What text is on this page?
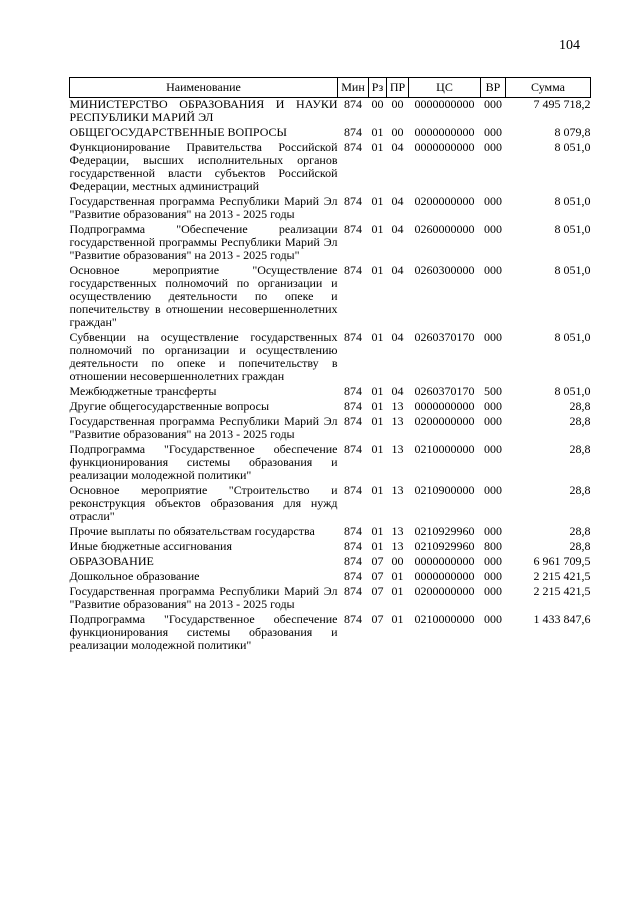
104
Наименование	Мин	Рз	ПР	ЦС	ВР	Сумма
МИНИСТЕРСТВО ОБРАЗОВАНИЯ И НАУКИ РЕСПУБЛИКИ МАРИЙ ЭЛ	874	00	00	0000000000	000	7 495 718,2
ОБЩЕГОСУДАРСТВЕННЫЕ ВОПРОСЫ	874	01	00	0000000000	000	8 079,8
Функционирование Правительства Российской Федерации, высших исполнительных органов государственной власти субъектов Российской Федерации, местных администраций	874	01	04	0000000000	000	8 051,0
Государственная программа Республики Марий Эл "Развитие образования" на 2013 - 2025 годы	874	01	04	0200000000	000	8 051,0
Подпрограмма "Обеспечение реализации государственной программы Республики Марий Эл "Развитие образования" на 2013 - 2025 годы"	874	01	04	0260000000	000	8 051,0
Основное мероприятие "Осуществление государственных полномочий по организации и осуществлению деятельности по опеке и попечительству в отношении несовершеннолетних граждан"	874	01	04	0260300000	000	8 051,0
Субвенции на осуществление государственных полномочий по организации и осуществлению деятельности по опеке и попечительству в отношении несовершеннолетних граждан	874	01	04	0260370170	000	8 051,0
Межбюджетные трансферты	874	01	04	0260370170	500	8 051,0
Другие общегосударственные вопросы	874	01	13	0000000000	000	28,8
Государственная программа Республики Марий Эл "Развитие образования" на 2013 - 2025 годы	874	01	13	0200000000	000	28,8
Подпрограмма "Государственное обеспечение функционирования системы образования и реализации молодежной политики"	874	01	13	0210000000	000	28,8
Основное мероприятие "Строительство и реконструкция объектов образования для нужд отрасли"	874	01	13	0210900000	000	28,8
Прочие выплаты по обязательствам государства	874	01	13	0210929960	000	28,8
Иные бюджетные ассигнования	874	01	13	0210929960	800	28,8
ОБРАЗОВАНИЕ	874	07	00	0000000000	000	6 961 709,5
Дошкольное образование	874	07	01	0000000000	000	2 215 421,5
Государственная программа Республики Марий Эл "Развитие образования" на 2013 - 2025 годы	874	07	01	0200000000	000	2 215 421,5
Подпрограмма "Государственное обеспечение функционирования системы образования и реализации молодежной политики"	874	07	01	0210000000	000	1 433 847,6
